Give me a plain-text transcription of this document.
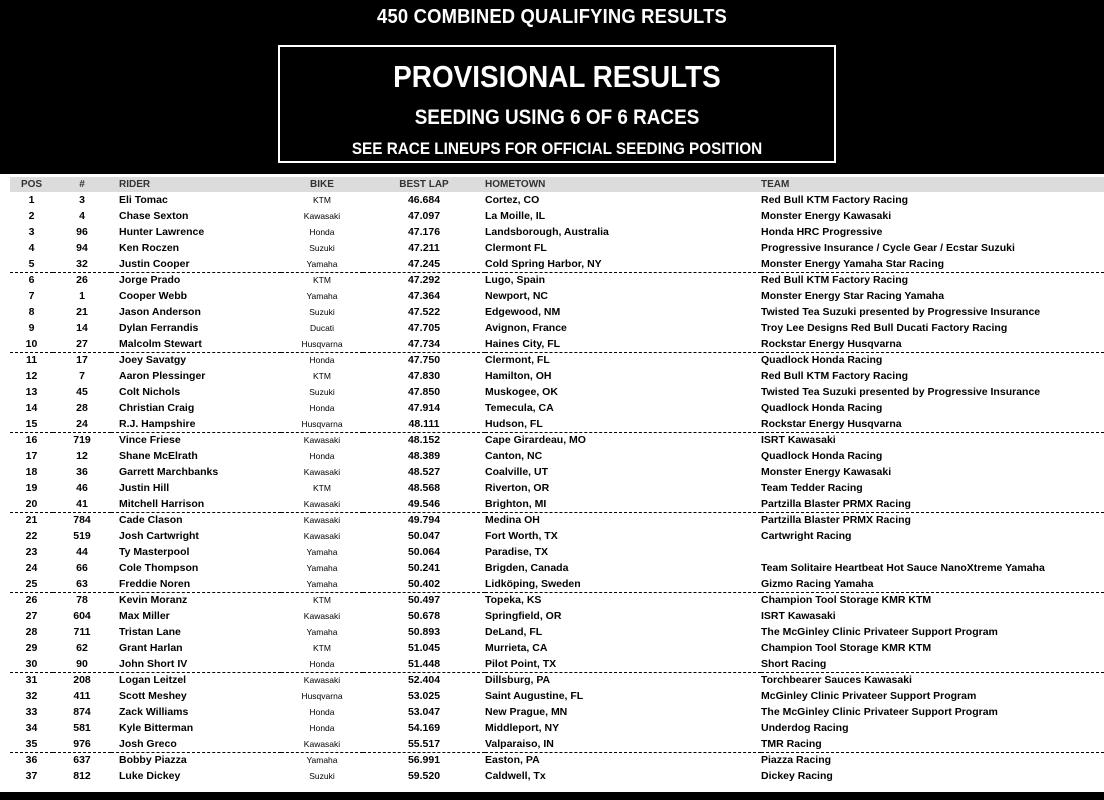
450 COMBINED QUALIFYING RESULTS
PROVISIONAL RESULTS
SEEDING USING 6 OF 6 RACES
SEE RACE LINEUPS FOR OFFICIAL SEEDING POSITION
POS	#	RIDER	BIKE	BEST LAP	HOMETOWN	TEAM
1	3	Eli Tomac	KTM	46.684	Cortez, CO	Red Bull KTM Factory Racing
2	4	Chase Sexton	Kawasaki	47.097	La Moille, IL	Monster Energy Kawasaki
3	96	Hunter Lawrence	Honda	47.176	Landsborough, Australia	Honda HRC Progressive
4	94	Ken Roczen	Suzuki	47.211	Clermont FL	Progressive Insurance / Cycle Gear / Ecstar Suzuki
5	32	Justin Cooper	Yamaha	47.245	Cold Spring Harbor, NY	Monster Energy Yamaha Star Racing
6	26	Jorge Prado	KTM	47.292	Lugo, Spain	Red Bull KTM Factory Racing
7	1	Cooper Webb	Yamaha	47.364	Newport, NC	Monster Energy Star Racing Yamaha
8	21	Jason Anderson	Suzuki	47.522	Edgewood, NM	Twisted Tea Suzuki presented by Progressive Insurance
9	14	Dylan Ferrandis	Ducati	47.705	Avignon, France	Troy Lee Designs Red Bull Ducati Factory Racing
10	27	Malcolm Stewart	Husqvarna	47.734	Haines City, FL	Rockstar Energy Husqvarna
11	17	Joey Savatgy	Honda	47.750	Clermont, FL	Quadlock Honda Racing
12	7	Aaron Plessinger	KTM	47.830	Hamilton, OH	Red Bull KTM Factory Racing
13	45	Colt Nichols	Suzuki	47.850	Muskogee, OK	Twisted Tea Suzuki presented by Progressive Insurance
14	28	Christian Craig	Honda	47.914	Temecula, CA	Quadlock Honda Racing
15	24	R.J. Hampshire	Husqvarna	48.111	Hudson, FL	Rockstar Energy Husqvarna
16	719	Vince Friese	Kawasaki	48.152	Cape Girardeau, MO	ISRT Kawasaki
17	12	Shane McElrath	Honda	48.389	Canton, NC	Quadlock Honda Racing
18	36	Garrett Marchbanks	Kawasaki	48.527	Coalville, UT	Monster Energy Kawasaki
19	46	Justin Hill	KTM	48.568	Riverton, OR	Team Tedder Racing
20	41	Mitchell Harrison	Kawasaki	49.546	Brighton, MI	Partzilla Blaster PRMX Racing
21	784	Cade Clason	Kawasaki	49.794	Medina OH	Partzilla Blaster PRMX Racing
22	519	Josh Cartwright	Kawasaki	50.047	Fort Worth, TX	Cartwright Racing
23	44	Ty Masterpool	Yamaha	50.064	Paradise, TX	
24	66	Cole Thompson	Yamaha	50.241	Brigden, Canada	Team Solitaire Heartbeat Hot Sauce NanoXtreme Yamaha
25	63	Freddie Noren	Yamaha	50.402	Lidköping, Sweden	Gizmo Racing Yamaha
26	78	Kevin Moranz	KTM	50.497	Topeka, KS	Champion Tool Storage KMR KTM
27	604	Max Miller	Kawasaki	50.678	Springfield, OR	ISRT Kawasaki
28	711	Tristan Lane	Yamaha	50.893	DeLand, FL	The McGinley Clinic Privateer Support Program
29	62	Grant Harlan	KTM	51.045	Murrieta, CA	Champion Tool Storage KMR KTM
30	90	John Short IV	Honda	51.448	Pilot Point, TX	Short Racing
31	208	Logan Leitzel	Kawasaki	52.404	Dillsburg, PA	Torchbearer Sauces Kawasaki
32	411	Scott Meshey	Husqvarna	53.025	Saint Augustine, FL	McGinley Clinic Privateer Support Program
33	874	Zack Williams	Honda	53.047	New Prague, MN	The McGinley Clinic Privateer Support Program
34	581	Kyle Bitterman	Honda	54.169	Middleport, NY	Underdog Racing
35	976	Josh Greco	Kawasaki	55.517	Valparaiso, IN	TMR Racing
36	637	Bobby Piazza	Yamaha	56.991	Easton, PA	Piazza Racing
37	812	Luke Dickey	Suzuki	59.520	Caldwell, Tx	Dickey Racing
